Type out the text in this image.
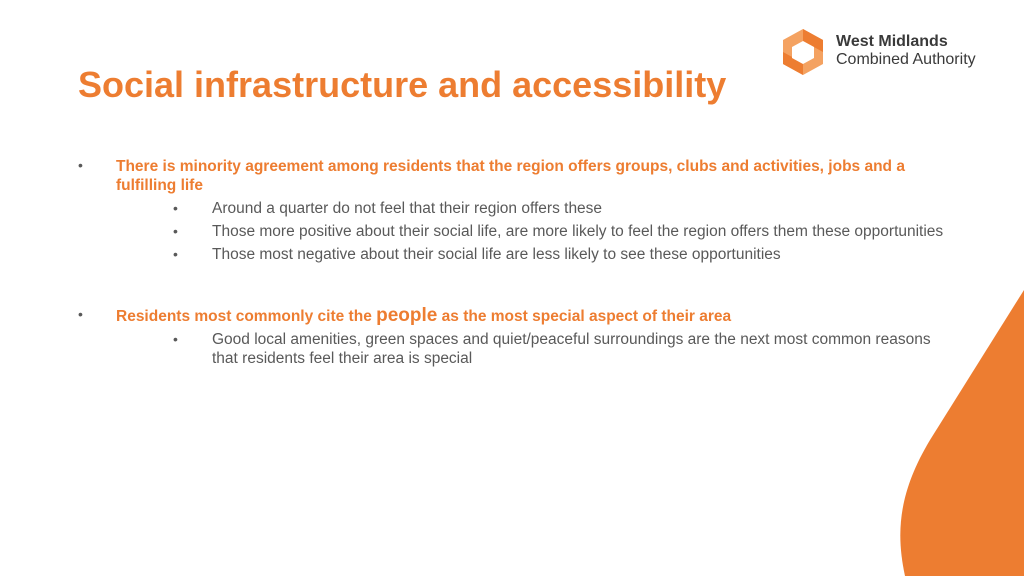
Social infrastructure and accessibility
West Midlands
Combined Authority
• There is minority agreement among residents that the region offers groups, clubs and activities, jobs and a fulfilling life
• Around a quarter do not feel that their region offers these
• Those more positive about their social life, are more likely to feel the region offers them these opportunities
• Those most negative about their social life are less likely to see these opportunities
• Residents most commonly cite the people as the most special aspect of their area
• Good local amenities, green spaces and quiet/peaceful surroundings are the next most common reasons that residents feel their area is special
